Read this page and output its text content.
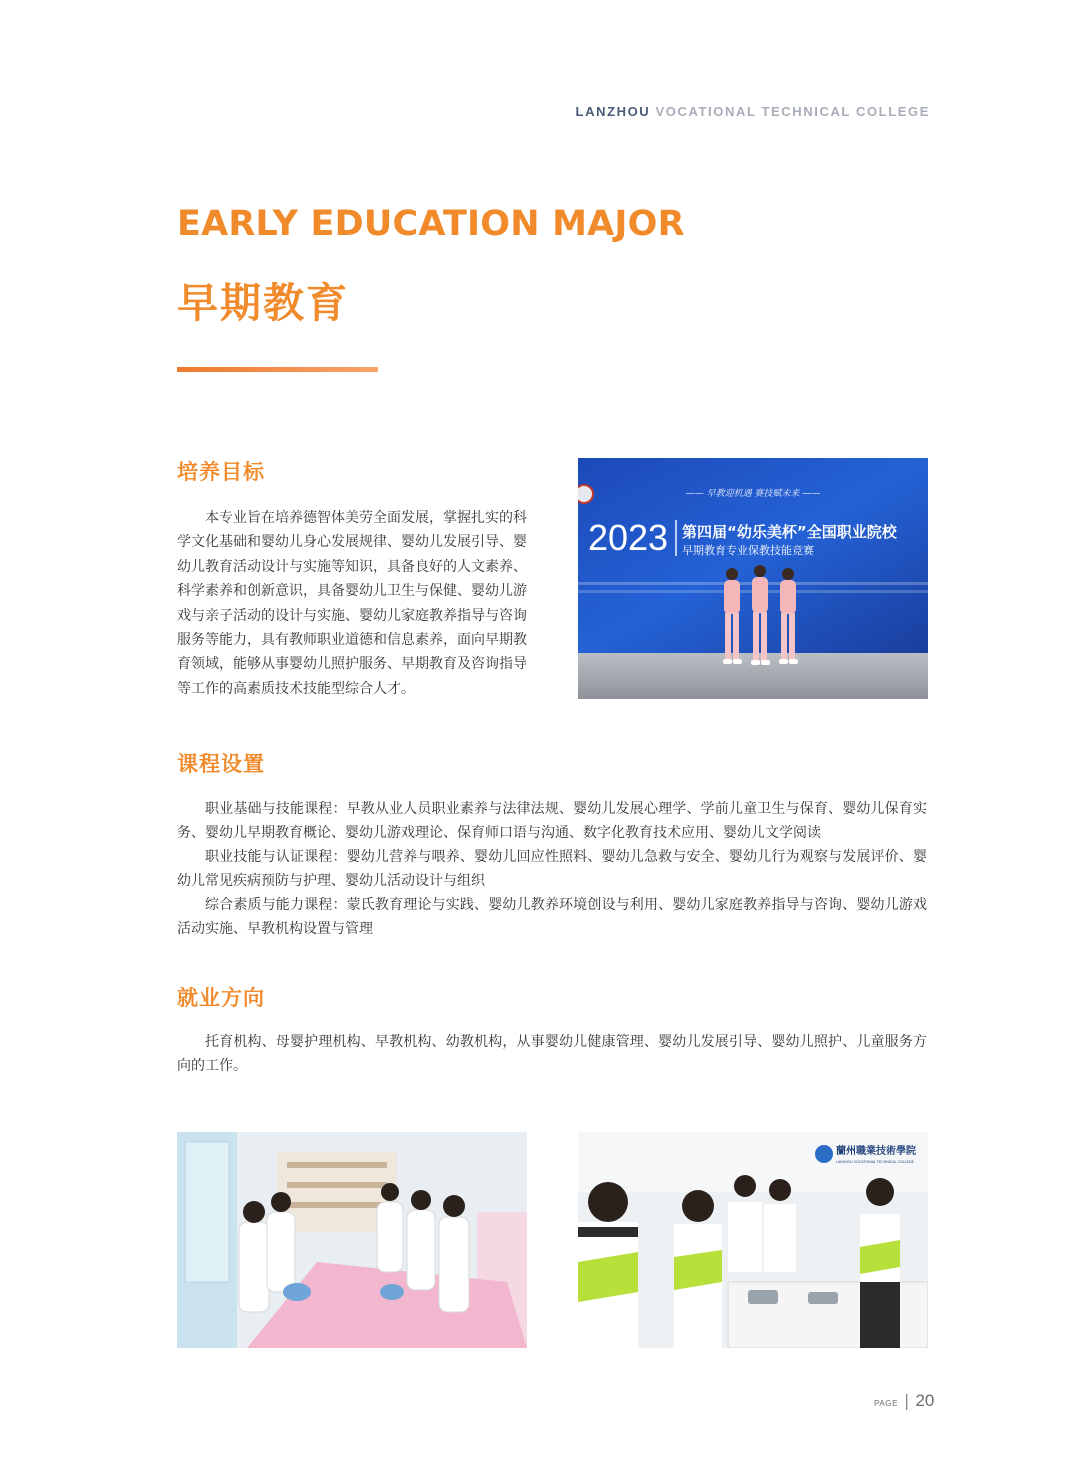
LANZHOU VOCATIONAL TECHNICAL COLLEGE
EARLY EDUCATION MAJOR
早期教育
培养目标

本专业旨在培养德智体美劳全面发展，掌握扎实的科学文化基础和婴幼儿身心发展规律、婴幼儿发展引导、婴幼儿教育活动设计与实施等知识，具备良好的人文素养、科学素养和创新意识，具备婴幼儿卫生与保健、婴幼儿游戏与亲子活动的设计与实施、婴幼儿家庭教养指导与咨询服务等能力，具有教师职业道德和信息素养，面向早期教育领域，能够从事婴幼儿照护服务、早期教育及咨询指导等工作的高素质技术技能型综合人才。

—— 早教迎机遇 赛技赋未来 ——
2023 第四届“幼乐美杯”全国职业院校
早期教育专业保教技能竞赛
课程设置

职业基础与技能课程：早教从业人员职业素养与法律法规、婴幼儿发展心理学、学前儿童卫生与保育、婴幼儿保育实务、婴幼儿早期教育概论、婴幼儿游戏理论、保育师口语与沟通、数字化教育技术应用、婴幼儿文学阅读

职业技能与认证课程：婴幼儿营养与喂养、婴幼儿回应性照料、婴幼儿急救与安全、婴幼儿行为观察与发展评价、婴幼儿常见疾病预防与护理、婴幼儿活动设计与组织

综合素质与能力课程：蒙氏教育理论与实践、婴幼儿教养环境创设与利用、婴幼儿家庭教养指导与咨询、婴幼儿游戏活动实施、早教机构设置与管理

就业方向

托育机构、母婴护理机构、早教机构、幼教机构，从事婴幼儿健康管理、婴幼儿发展引导、婴幼儿照护、儿童服务方向的工作。

蘭州職業技術學院
LANZHOU VOCATIONAL TECHNICAL COLLEGE
PAGE | 20
